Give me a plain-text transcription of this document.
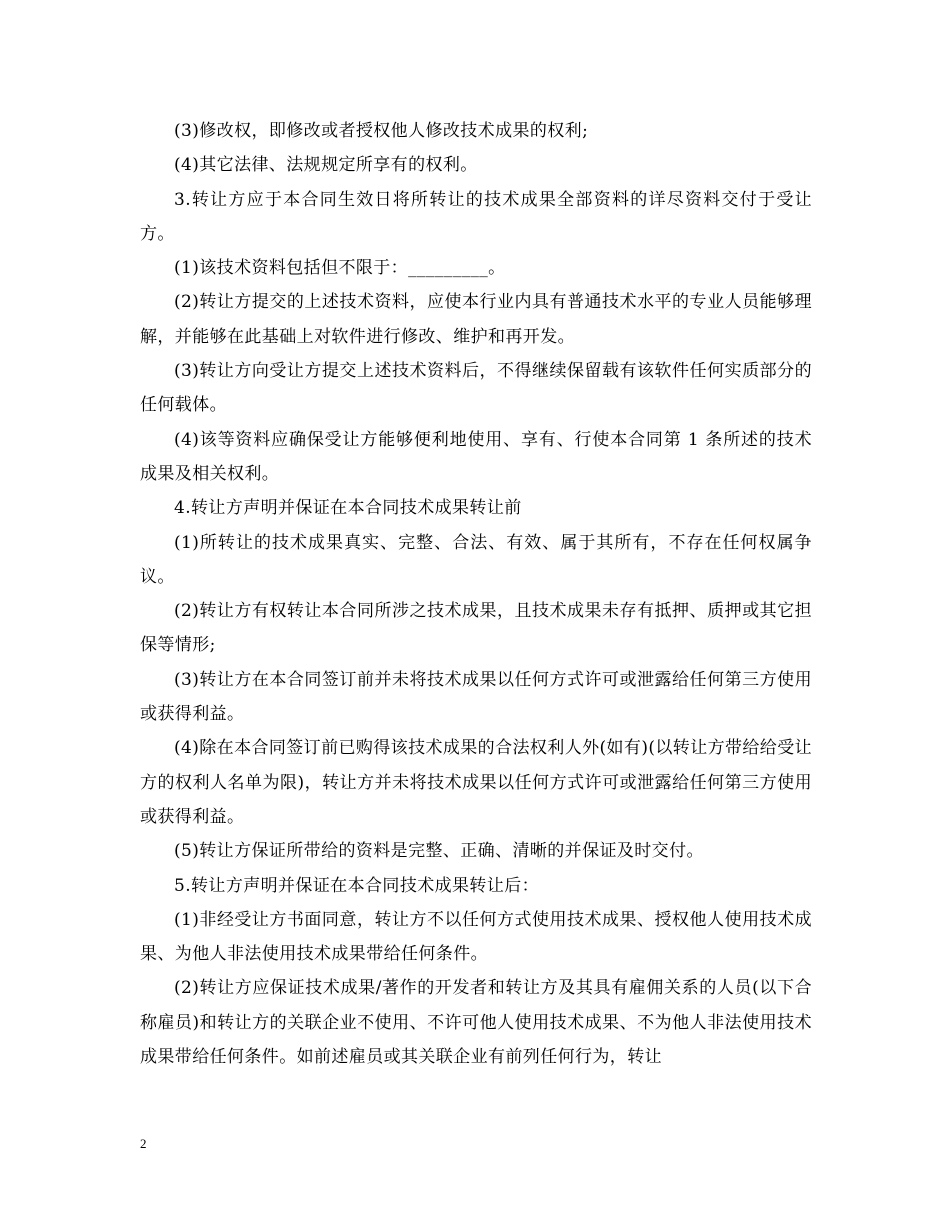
(3)修改权，即修改或者授权他人修改技术成果的权利;

(4)其它法律、法规规定所享有的权利。

3.转让方应于本合同生效日将所转让的技术成果全部资料的详尽资料交付于受让方。

(1)该技术资料包括但不限于：_________。

(2)转让方提交的上述技术资料，应使本行业内具有普通技术水平的专业人员能够理解，并能够在此基础上对软件进行修改、维护和再开发。

(3)转让方向受让方提交上述技术资料后，不得继续保留载有该软件任何实质部分的任何载体。

(4)该等资料应确保受让方能够便利地使用、享有、行使本合同第 1 条所述的技术成果及相关权利。

4.转让方声明并保证在本合同技术成果转让前

(1)所转让的技术成果真实、完整、合法、有效、属于其所有，不存在任何权属争议。

(2)转让方有权转让本合同所涉之技术成果，且技术成果未存有抵押、质押或其它担保等情形;

(3)转让方在本合同签订前并未将技术成果以任何方式许可或泄露给任何第三方使用或获得利益。

(4)除在本合同签订前已购得该技术成果的合法权利人外(如有)(以转让方带给给受让方的权利人名单为限)，转让方并未将技术成果以任何方式许可或泄露给任何第三方使用或获得利益。

(5)转让方保证所带给的资料是完整、正确、清晰的并保证及时交付。

5.转让方声明并保证在本合同技术成果转让后：

(1)非经受让方书面同意，转让方不以任何方式使用技术成果、授权他人使用技术成果、为他人非法使用技术成果带给任何条件。

(2)转让方应保证技术成果/著作的开发者和转让方及其具有雇佣关系的人员(以下合称雇员)和转让方的关联企业不使用、不许可他人使用技术成果、不为他人非法使用技术成果带给任何条件。如前述雇员或其关联企业有前列任何行为，转让

2
